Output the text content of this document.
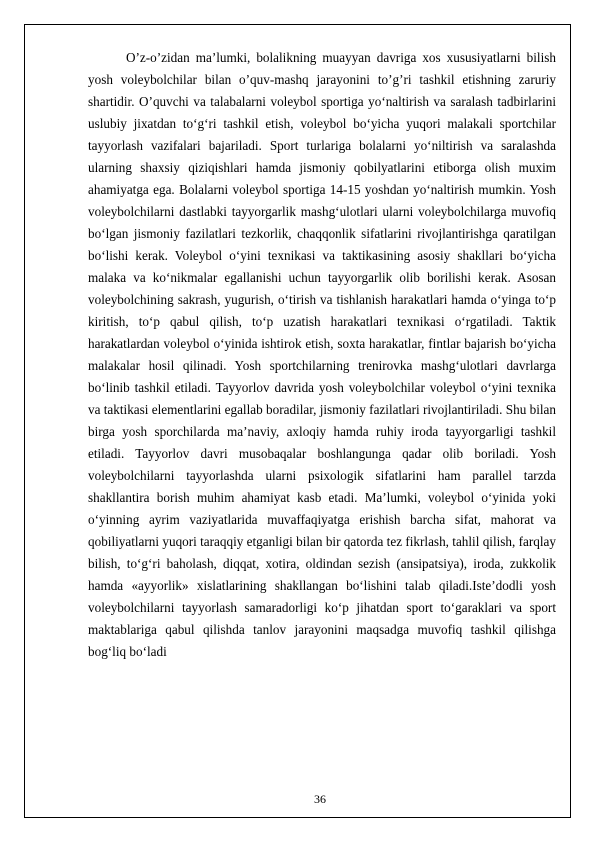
O’z-o’zidan ma’lumki, bolalikning muayyan davriga xos xususiyatlarni bilish yosh voleybolchilar bilan o’quv-mashq jarayonini to’g’ri tashkil etishning zaruriy shartidir. O’quvchi va talabalarni voleybol sportiga yo‘naltirish va saralash tadbirlarini uslubiy jixatdan to‘g‘ri tashkil etish, voleybol bo‘yicha yuqori malakali sportchilar tayyorlash vazifalari bajariladi. Sport turlariga bolalarni yo‘niltirish va saralashda ularning shaxsiy qiziqishlari hamda jismoniy qobilyatlarini etiborga olish muxim ahamiyatga ega. Bolalarni voleybol sportiga 14-15 yoshdan yo‘naltirish mumkin. Yosh voleybolchilarni dastlabki tayyorgarlik mashg‘ulotlari ularni voleybolchilarga muvofiq bo‘lgan jismoniy fazilatlari tezkorlik, chaqqonlik sifatlarini rivojlantirishga qaratilgan bo‘lishi kerak. Voleybol o‘yini texnikasi va taktikasining asosiy shakllari bo‘yicha malaka va ko‘nikmalar egallanishi uchun tayyorgarlik olib borilishi kerak. Asosan voleybolchining sakrash, yugurish, o‘tirish va tishlanish harakatlari hamda o‘yinga to‘p kiritish, to‘p qabul qilish, to‘p uzatish harakatlari texnikasi o‘rgatiladi. Taktik harakatlardan voleybol o‘yinida ishtirok etish, soxta harakatlar, fintlar bajarish bo‘yicha malakalar hosil qilinadi. Yosh sportchilarning trenirovka mashg‘ulotlari davrlarga bo‘linib tashkil etiladi. Tayyorlov davrida yosh voleybolchilar voleybol o‘yini texnika va taktikasi elementlarini egallab boradilar, jismoniy fazilatlari rivojlantiriladi. Shu bilan birga yosh sporchilarda ma’naviy, axloqiy hamda ruhiy iroda tayyorgarligi tashkil etiladi. Tayyorlov davri musobaqalar boshlangunga qadar olib boriladi. Yosh voleybolchilarni tayyorlashda ularni psixologik sifatlarini ham parallel tarzda shakllantira borish muhim ahamiyat kasb etadi. Ma’lumki, voleybol o‘yinida yoki o‘yinning ayrim vaziyatlarida muvaffaqiyatga erishish barcha sifat, mahorat va qobiliyatlarni yuqori taraqqiy etganligi bilan bir qatorda tez fikrlash, tahlil qilish, farqlay bilish, to‘g‘ri baholash, diqqat, xotira, oldindan sezish (ansipatsiya), iroda, zukkolik hamda «ayyorlik» xislatlarining shakllangan bo‘lishini talab qiladi.Iste’dodli yosh voleybolchilarni tayyorlash samaradorligi ko‘p jihatdan sport to‘garaklari va sport maktablariga qabul qilishda tanlov jarayonini maqsadga muvofiq tashkil qilishga bog‘liq bo‘ladi

36
